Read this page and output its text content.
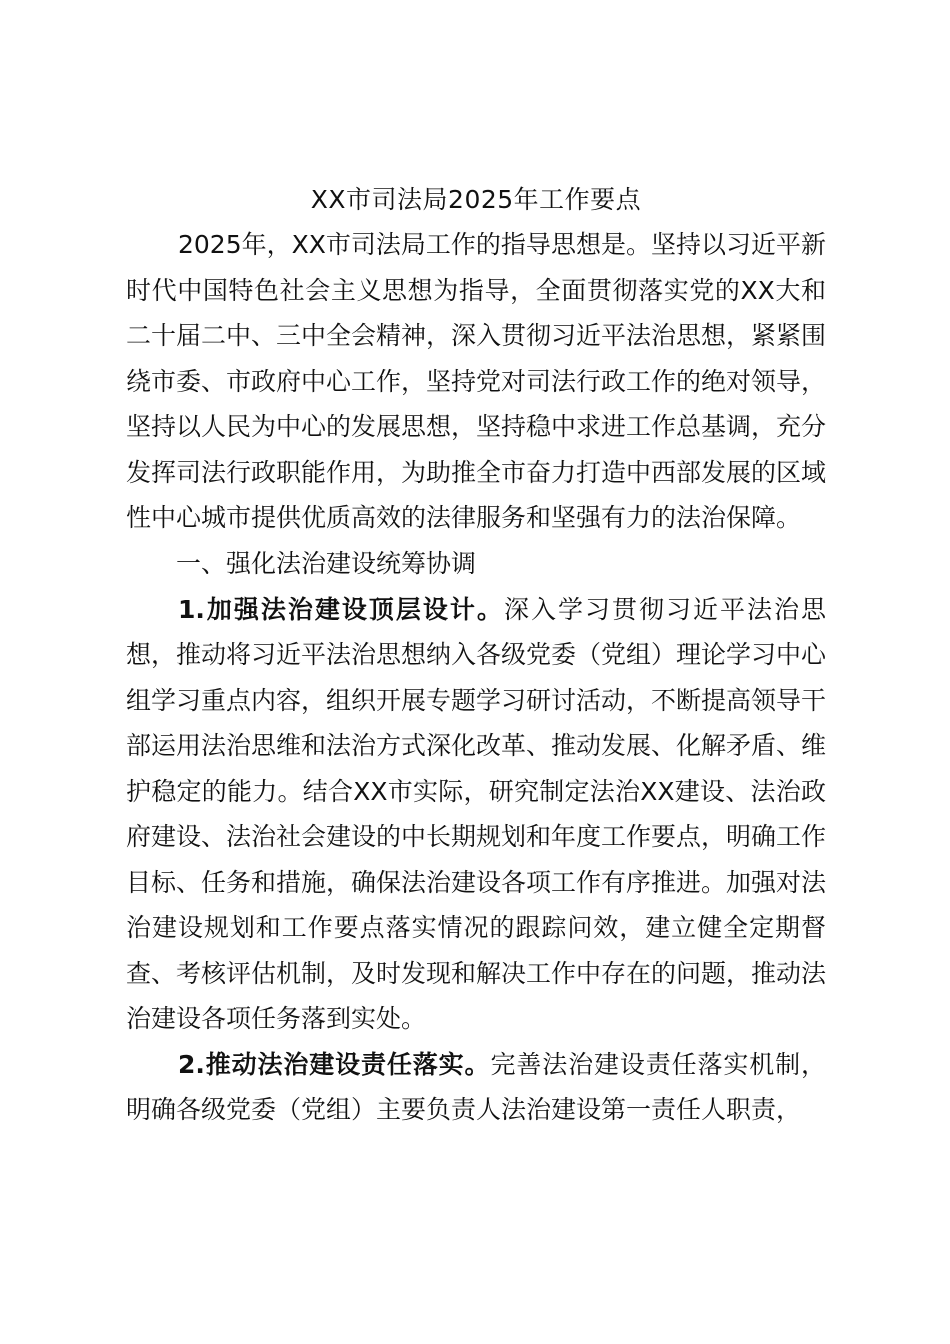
XX市司法局2025年工作要点

2025年，XX市司法局工作的指导思想是。坚持以习近平新时代中国特色社会主义思想为指导，全面贯彻落实党的XX大和二十届二中、三中全会精神，深入贯彻习近平法治思想，紧紧围绕市委、市政府中心工作，坚持党对司法行政工作的绝对领导，坚持以人民为中心的发展思想，坚持稳中求进工作总基调，充分发挥司法行政职能作用，为助推全市奋力打造中西部发展的区域性中心城市提供优质高效的法律服务和坚强有力的法治保障。

一、强化法治建设统筹协调

1.加强法治建设顶层设计。深入学习贯彻习近平法治思想，推动将习近平法治思想纳入各级党委（党组）理论学习中心组学习重点内容，组织开展专题学习研讨活动，不断提高领导干部运用法治思维和法治方式深化改革、推动发展、化解矛盾、维护稳定的能力。结合XX市实际，研究制定法治XX建设、法治政府建设、法治社会建设的中长期规划和年度工作要点，明确工作目标、任务和措施，确保法治建设各项工作有序推进。加强对法治建设规划和工作要点落实情况的跟踪问效，建立健全定期督查、考核评估机制，及时发现和解决工作中存在的问题，推动法治建设各项任务落到实处。

2.推动法治建设责任落实。完善法治建设责任落实机制，明确各级党委（党组）主要负责人法治建设第一责任人职责，
